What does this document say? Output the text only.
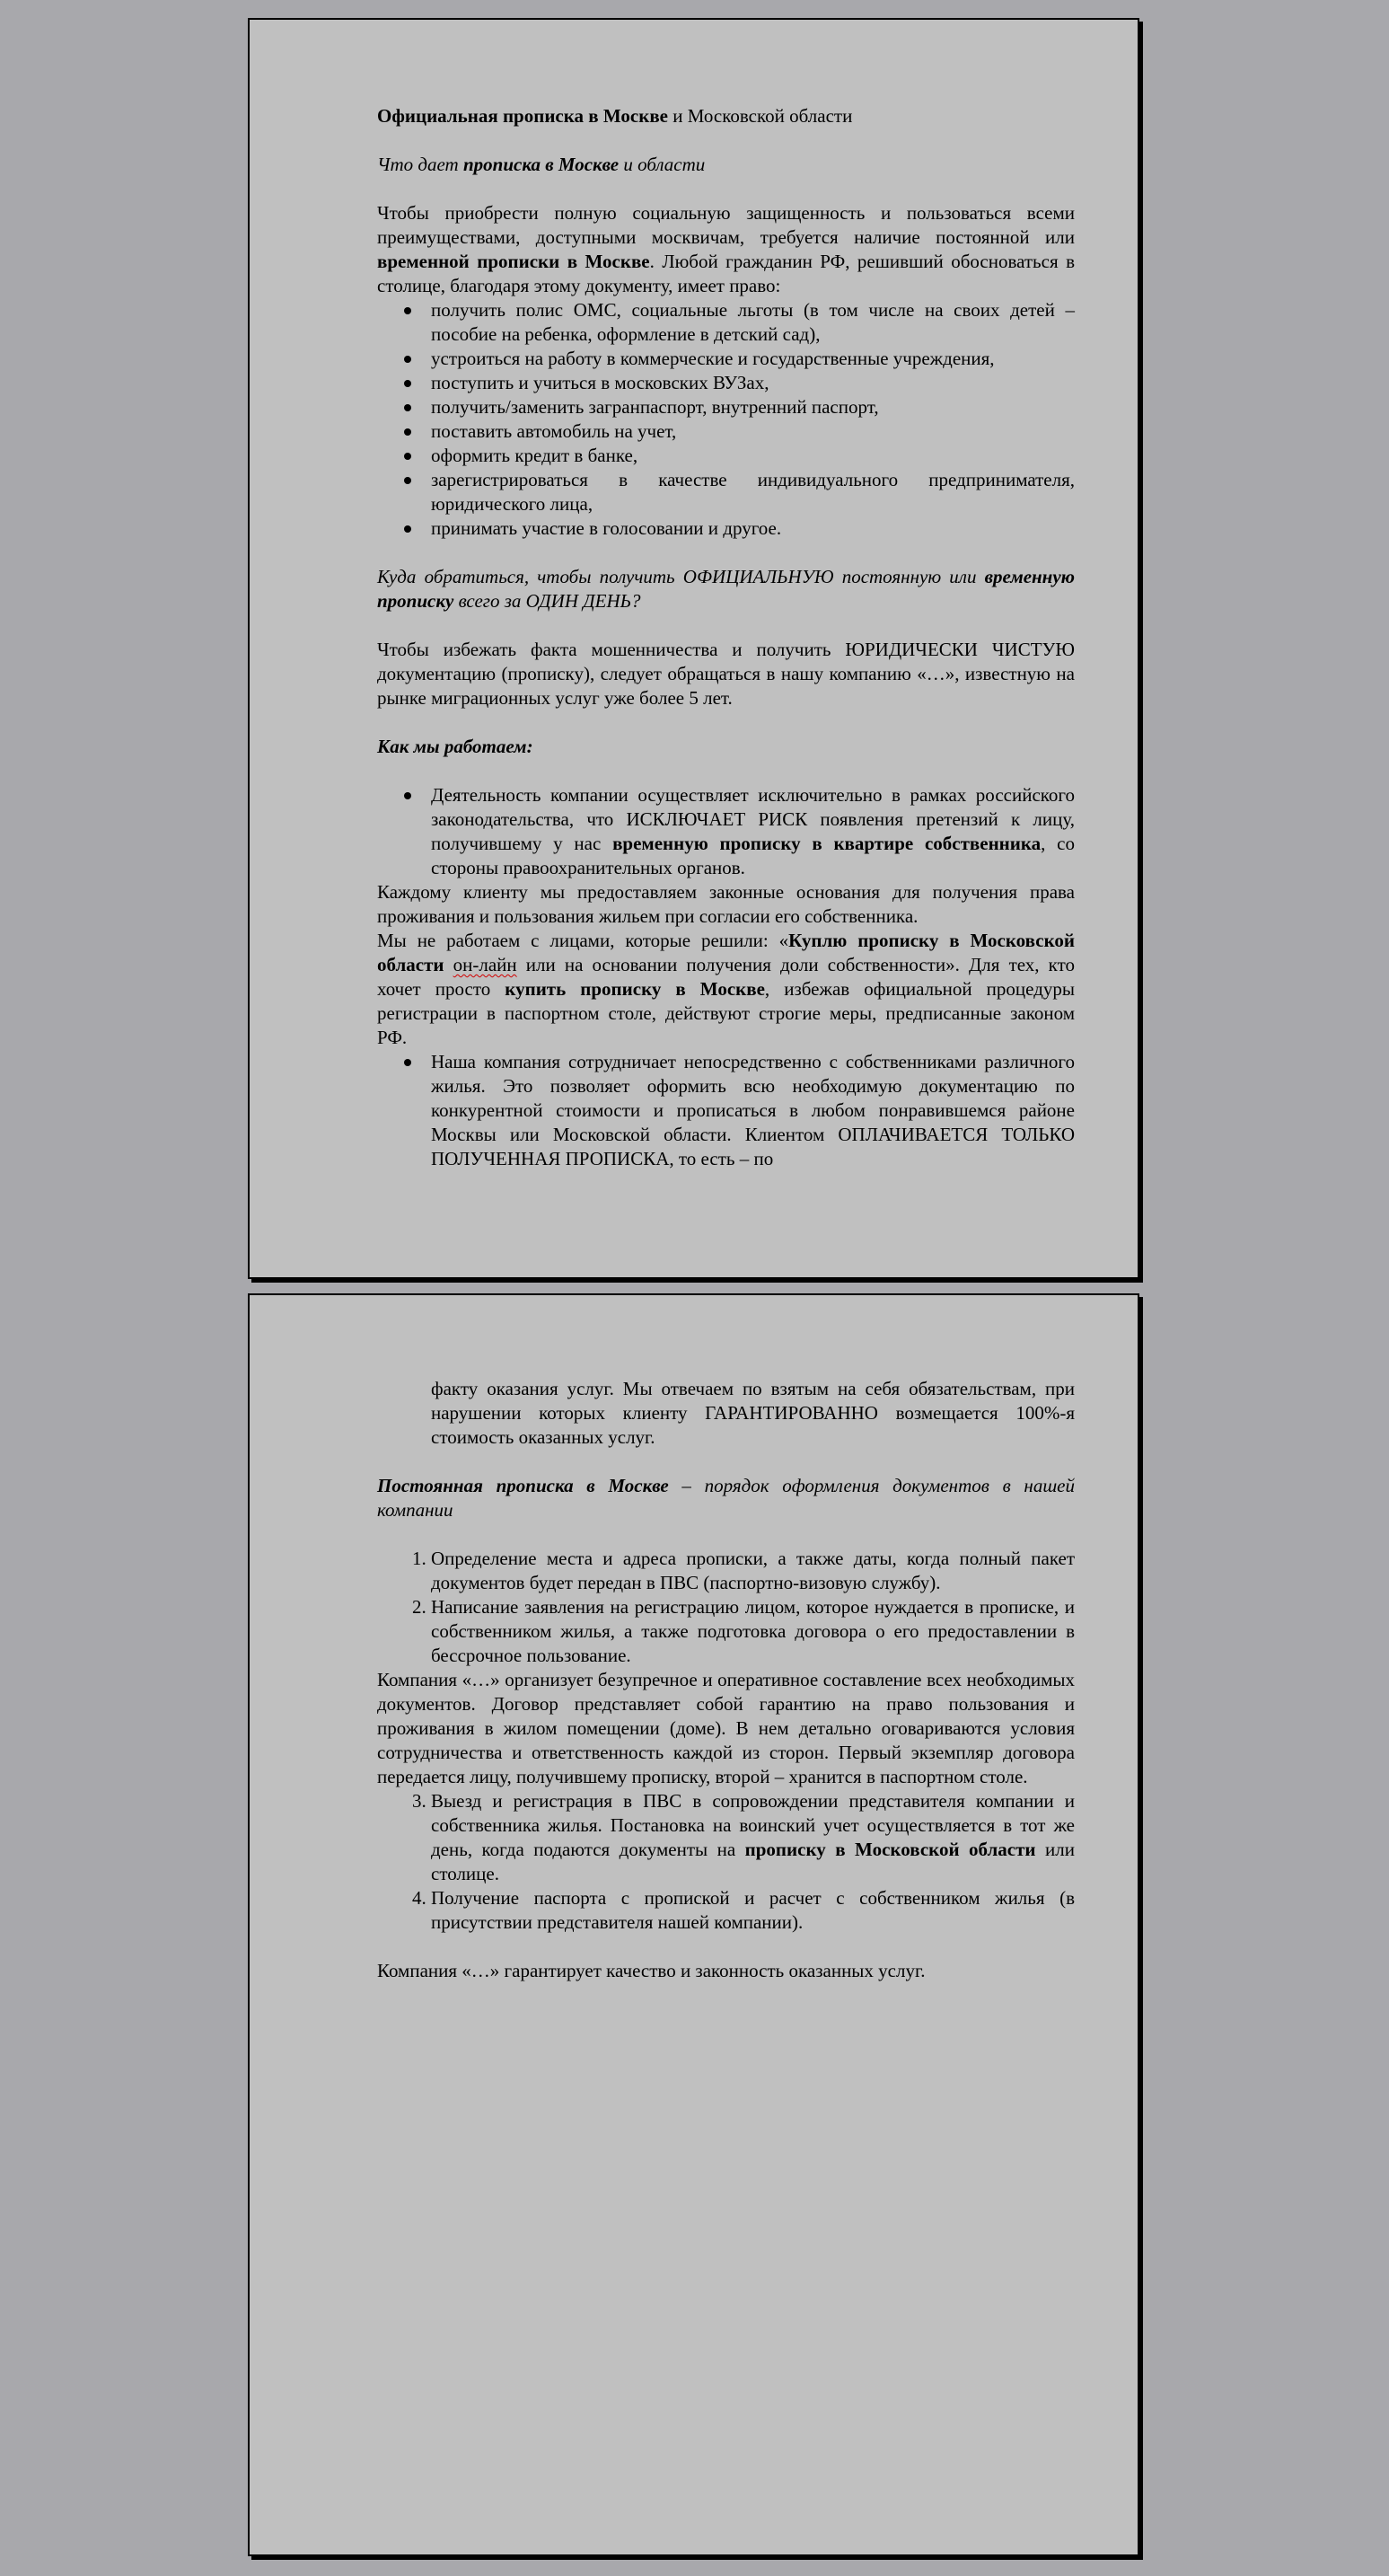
Официальная прописка в Москве и Московской области

Что дает прописка в Москве и области

Чтобы приобрести полную социальную защищенность и пользоваться всеми преимуществами, доступными москвичам, требуется наличие постоянной или временной прописки в Москве. Любой гражданин РФ, решивший обосноваться в столице, благодаря этому документу, имеет право:

получить полис ОМС, социальные льготы (в том числе на своих детей – пособие на ребенка, оформление в детский сад),
устроиться на работу в коммерческие и государственные учреждения,
поступить и учиться в московских ВУЗах,
получить/заменить загранпаспорт, внутренний паспорт,
поставить автомобиль на учет,
оформить кредит в банке,
зарегистрироваться в качестве индивидуального предпринимателя, юридического лица,
принимать участие в голосовании и другое.

Куда обратиться, чтобы получить ОФИЦИАЛЬНУЮ постоянную или временную прописку всего за ОДИН ДЕНЬ?

Чтобы избежать факта мошенничества и получить ЮРИДИЧЕСКИ ЧИСТУЮ документацию (прописку), следует обращаться в нашу компанию «…», известную на рынке миграционных услуг уже более 5 лет.

Как мы работаем:

Деятельность компании осуществляет исключительно в рамках российского законодательства, что ИСКЛЮЧАЕТ РИСК появления претензий к лицу, получившему у нас временную прописку в квартире собственника, со стороны правоохранительных органов.

Каждому клиенту мы предоставляем законные основания для получения права проживания и пользования жильем при согласии его собственника.

Мы не работаем с лицами, которые решили: «Куплю прописку в Московской области он-лайн или на основании получения доли собственности». Для тех, кто хочет просто купить прописку в Москве, избежав официальной процедуры регистрации в паспортном столе, действуют строгие меры, предписанные законом РФ.

Наша компания сотрудничает непосредственно с собственниками различного жилья. Это позволяет оформить всю необходимую документацию по конкурентной стоимости и прописаться в любом понравившемся районе Москвы или Московской области. Клиентом ОПЛАЧИВАЕТСЯ ТОЛЬКО ПОЛУЧЕННАЯ ПРОПИСКА, то есть – по

факту оказания услуг. Мы отвечаем по взятым на себя обязательствам, при нарушении которых клиенту ГАРАНТИРОВАННО возмещается 100%-я стоимость оказанных услуг.

Постоянная прописка в Москве – порядок оформления документов в нашей компании

1. Определение места и адреса прописки, а также даты, когда полный пакет документов будет передан в ПВС (паспортно-визовую службу).
2. Написание заявления на регистрацию лицом, которое нуждается в прописке, и собственником жилья, а также подготовка договора о его предоставлении в бессрочное пользование.

Компания «…» организует безупречное и оперативное составление всех необходимых документов. Договор представляет собой гарантию на право пользования и проживания в жилом помещении (доме). В нем детально оговариваются условия сотрудничества и ответственность каждой из сторон. Первый экземпляр договора передается лицу, получившему прописку, второй – хранится в паспортном столе.

3. Выезд и регистрация в ПВС в сопровождении представителя компании и собственника жилья. Постановка на воинский учет осуществляется в тот же день, когда подаются документы на прописку в Московской области или столице.
4. Получение паспорта с пропиской и расчет с собственником жилья (в присутствии представителя нашей компании).

Компания «…» гарантирует качество и законность оказанных услуг.
